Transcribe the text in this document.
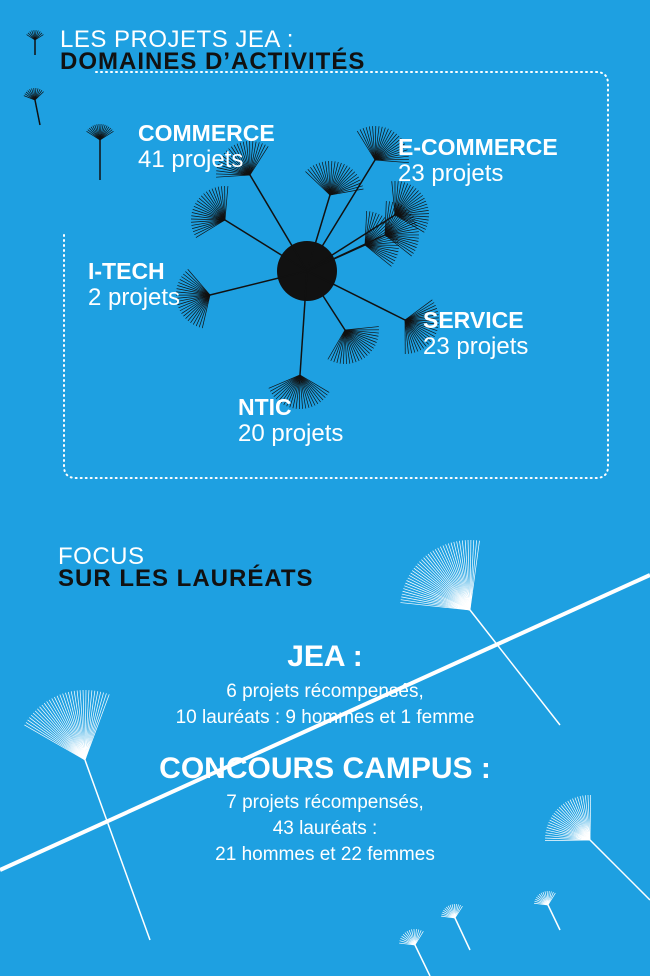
LES PROJETS JEA :
DOMAINES D’ACTIVITÉS
COMMERCE
41 projets	E-COMMERCE
23 projets
I-TECH
2 projets
SERVICE
23 projets
NTIC
20 projets
FOCUS
SUR LES LAURÉATS
JEA :
6 projets récompensés,
10 lauréats : 9 hommes et 1 femme
CONCOURS CAMPUS :
7 projets récompensés,
43 lauréats :
21 hommes et 22 femmes
